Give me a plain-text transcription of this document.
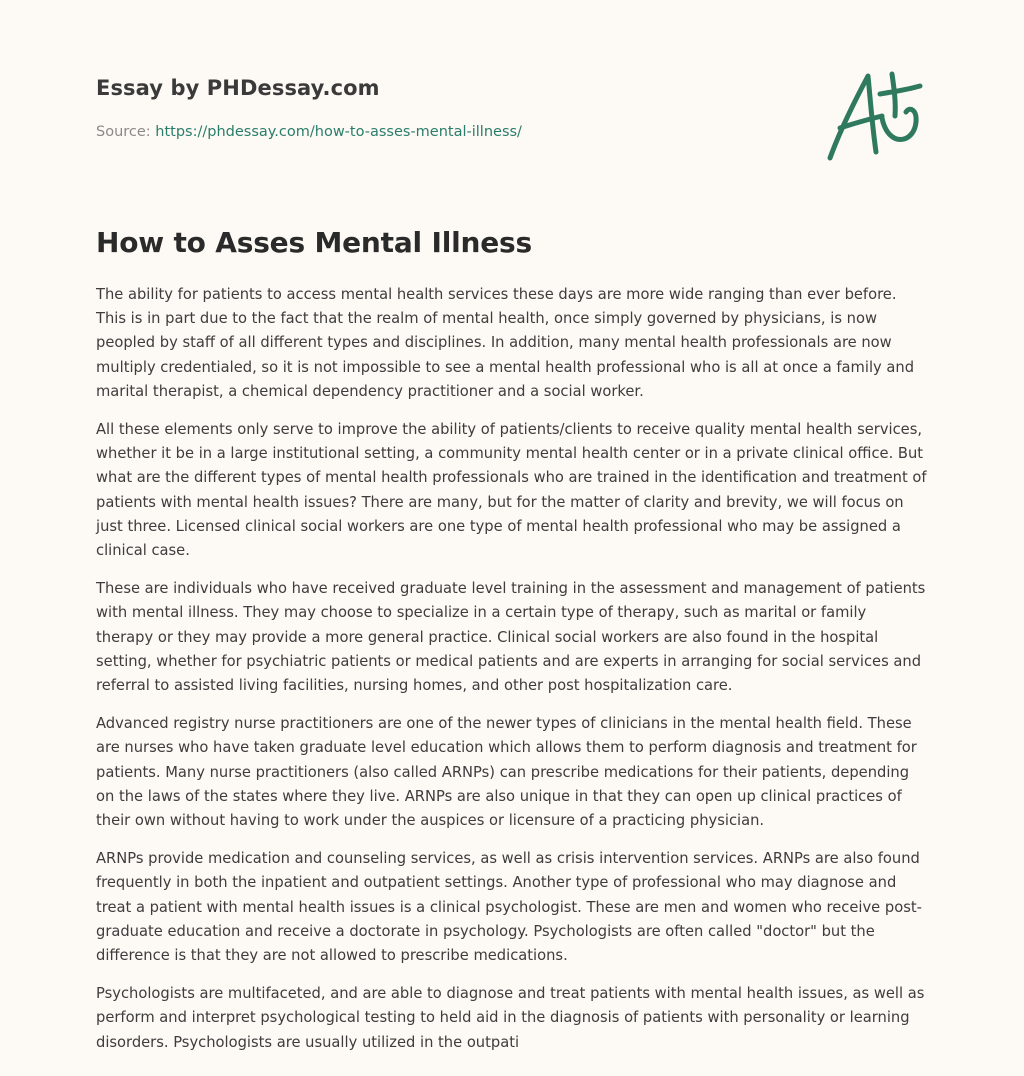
Essay by PHDessay.com
Source: https://phdessay.com/how-to-asses-mental-illness/
How to Asses Mental Illness

The ability for patients to access mental health services these days are more wide ranging than ever before. This is in part due to the fact that the realm of mental health, once simply governed by physicians, is now peopled by staff of all different types and disciplines. In addition, many mental health professionals are now multiply credentialed, so it is not impossible to see a mental health professional who is all at once a family and marital therapist, a chemical dependency practitioner and a social worker.

All these elements only serve to improve the ability of patients/clients to receive quality mental health services, whether it be in a large institutional setting, a community mental health center or in a private clinical office. But what are the different types of mental health professionals who are trained in the identification and treatment of patients with mental health issues? There are many, but for the matter of clarity and brevity, we will focus on just three. Licensed clinical social workers are one type of mental health professional who may be assigned a clinical case.

These are individuals who have received graduate level training in the assessment and management of patients with mental illness. They may choose to specialize in a certain type of therapy, such as marital or family therapy or they may provide a more general practice. Clinical social workers are also found in the hospital setting, whether for psychiatric patients or medical patients and are experts in arranging for social services and referral to assisted living facilities, nursing homes, and other post hospitalization care.

Advanced registry nurse practitioners are one of the newer types of clinicians in the mental health field. These are nurses who have taken graduate level education which allows them to perform diagnosis and treatment for patients. Many nurse practitioners (also called ARNPs) can prescribe medications for their patients, depending on the laws of the states where they live. ARNPs are also unique in that they can open up clinical practices of their own without having to work under the auspices or licensure of a practicing physician.

ARNPs provide medication and counseling services, as well as crisis intervention services. ARNPs are also found frequently in both the inpatient and outpatient settings. Another type of professional who may diagnose and treat a patient with mental health issues is a clinical psychologist. These are men and women who receive post-graduate education and receive a doctorate in psychology. Psychologists are often called "doctor" but the difference is that they are not allowed to prescribe medications.

Psychologists are multifaceted, and are able to diagnose and treat patients with mental health issues, as well as perform and interpret psychological testing to held aid in the diagnosis of patients with personality or learning disorders. Psychologists are usually utilized in the outpati
